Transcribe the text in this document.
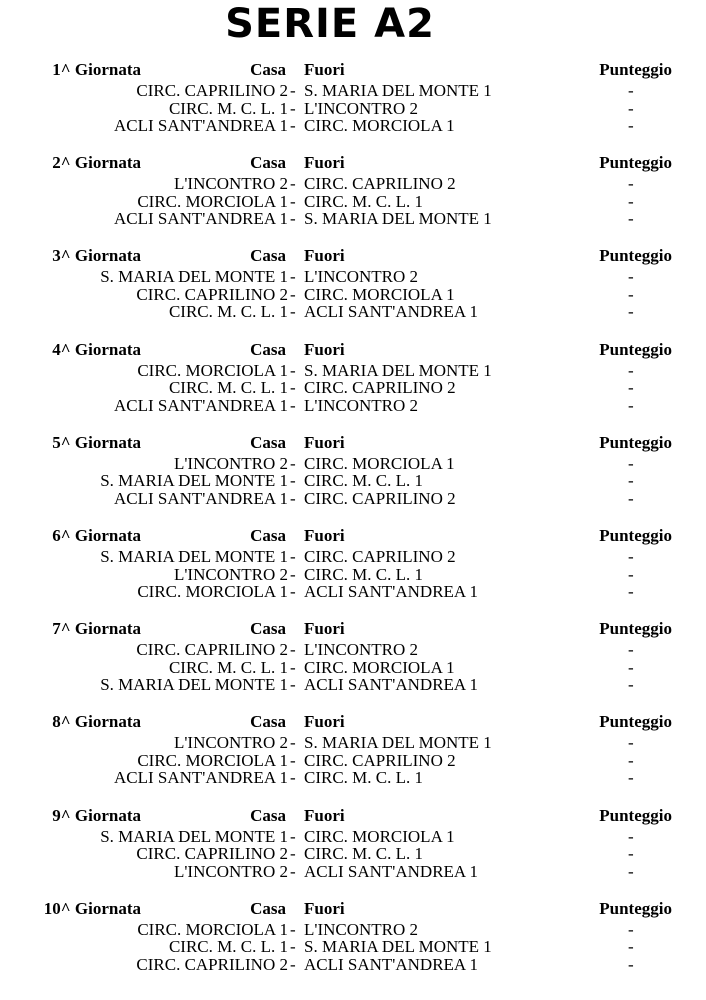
SERIE A2
1^ Giornata	Casa Fuori	Punteggio
CIRC. CAPRILINO 2 - S. MARIA DEL MONTE 1	-
CIRC. M. C. L. 1 - L'INCONTRO 2	-
ACLI SANT'ANDREA 1 - CIRC. MORCIOLA 1	-
2^ Giornata	Casa Fuori	Punteggio
L'INCONTRO 2 - CIRC. CAPRILINO 2	-
CIRC. MORCIOLA 1 - CIRC. M. C. L. 1	-
ACLI SANT'ANDREA 1 - S. MARIA DEL MONTE 1	-
3^ Giornata	Casa Fuori	Punteggio
S. MARIA DEL MONTE 1 - L'INCONTRO 2	-
CIRC. CAPRILINO 2 - CIRC. MORCIOLA 1	-
CIRC. M. C. L. 1 - ACLI SANT'ANDREA 1	-
4^ Giornata	Casa Fuori	Punteggio
CIRC. MORCIOLA 1 - S. MARIA DEL MONTE 1	-
CIRC. M. C. L. 1 - CIRC. CAPRILINO 2	-
ACLI SANT'ANDREA 1 - L'INCONTRO 2	-
5^ Giornata	Casa Fuori	Punteggio
L'INCONTRO 2 - CIRC. MORCIOLA 1	-
S. MARIA DEL MONTE 1 - CIRC. M. C. L. 1	-
ACLI SANT'ANDREA 1 - CIRC. CAPRILINO 2	-
6^ Giornata	Casa Fuori	Punteggio
S. MARIA DEL MONTE 1 - CIRC. CAPRILINO 2	-
L'INCONTRO 2 - CIRC. M. C. L. 1	-
CIRC. MORCIOLA 1 - ACLI SANT'ANDREA 1	-
7^ Giornata	Casa Fuori	Punteggio
CIRC. CAPRILINO 2 - L'INCONTRO 2	-
CIRC. M. C. L. 1 - CIRC. MORCIOLA 1	-
S. MARIA DEL MONTE 1 - ACLI SANT'ANDREA 1	-
8^ Giornata	Casa Fuori	Punteggio
L'INCONTRO 2 - S. MARIA DEL MONTE 1	-
CIRC. MORCIOLA 1 - CIRC. CAPRILINO 2	-
ACLI SANT'ANDREA 1 - CIRC. M. C. L. 1	-
9^ Giornata	Casa Fuori	Punteggio
S. MARIA DEL MONTE 1 - CIRC. MORCIOLA 1	-
CIRC. CAPRILINO 2 - CIRC. M. C. L. 1	-
L'INCONTRO 2 - ACLI SANT'ANDREA 1	-
10^ Giornata	Casa Fuori	Punteggio
CIRC. MORCIOLA 1 - L'INCONTRO 2	-
CIRC. M. C. L. 1 - S. MARIA DEL MONTE 1	-
CIRC. CAPRILINO 2 - ACLI SANT'ANDREA 1	-
